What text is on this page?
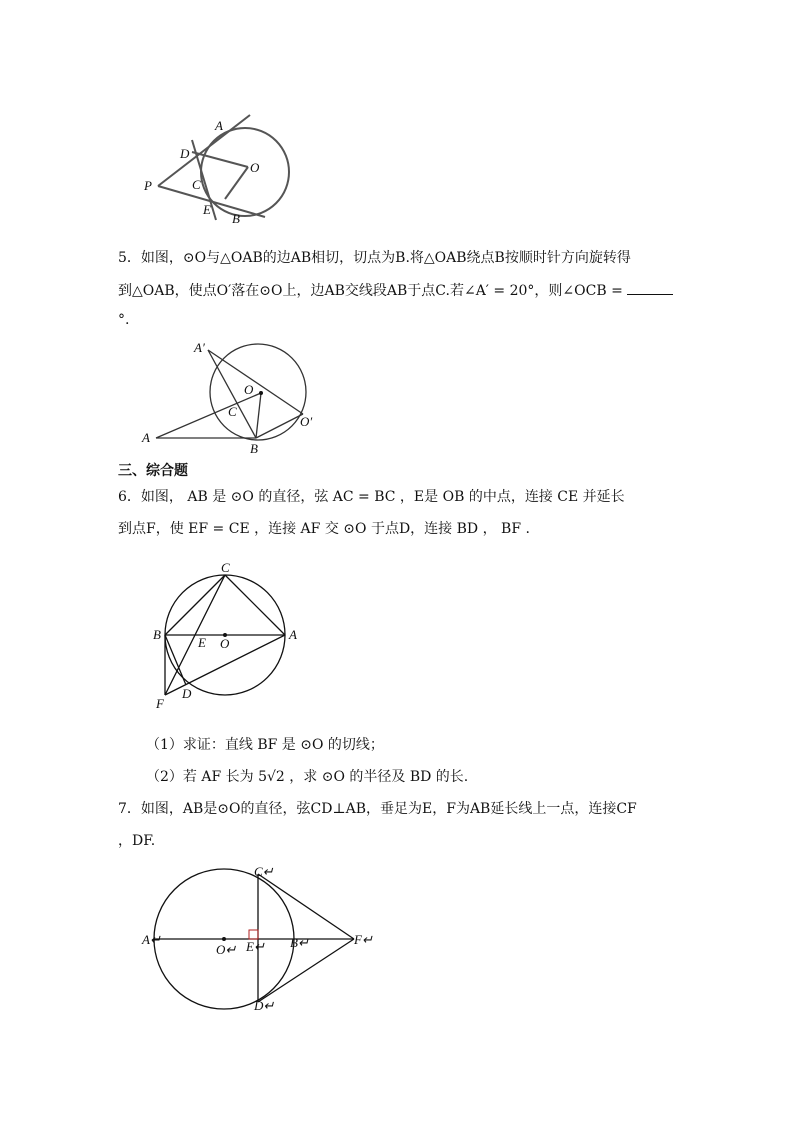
A
D
O
P	C
E
B
5．如图，⊙O与△OAB的边AB相切，切点为B.将△OAB绕点B按顺时针方向旋转得
到△OAB，使点O′落在⊙O上，边AB交线段AB于点C.若∠A′ = 20°，则∠OCB =
°.
A′
O
C
O′
A
B
三、综合题
6．如图， AB 是 ⊙O 的直径，弦 AC = BC ，E是 OB 的中点，连接 CE 并延长
到点F，使 EF = CE ，连接 AF 交 ⊙O 于点D，连接 BD ， BF .
C
B
E O
A
F
D
（1）求证：直线 BF 是 ⊙O 的切线；
（2）若 AF 长为 5√2 ，求 ⊙O 的半径及 BD 的长.
7．如图，AB是⊙O的直径，弦CD⊥AB，垂足为E，F为AB延长线上一点，连接CF
，DF.
C↵
A↵
O↵ E↵ B↵	F↵
D↵
